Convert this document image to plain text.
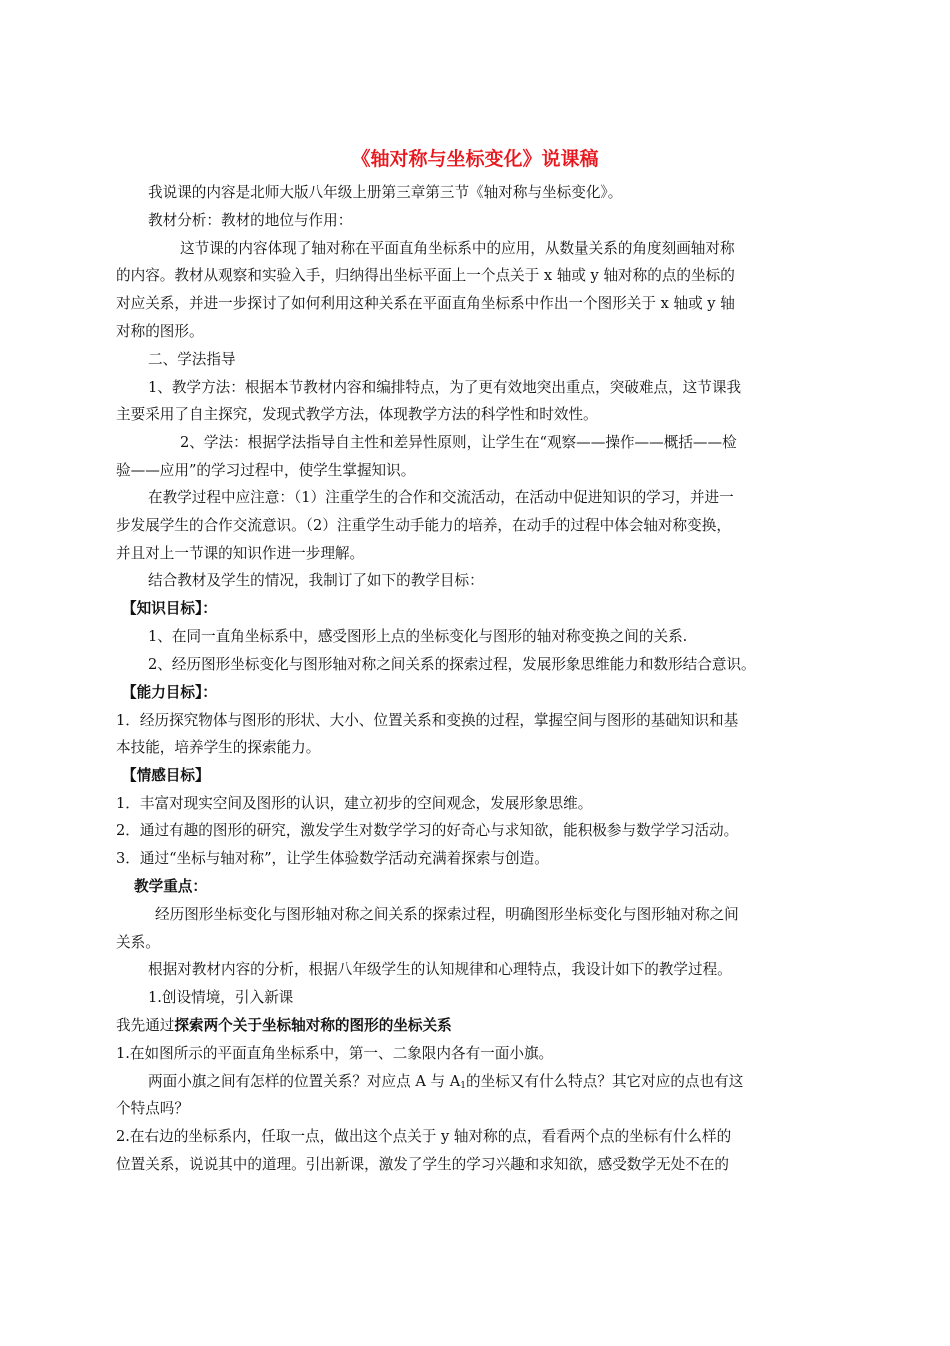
《轴对称与坐标变化》说课稿
我说课的内容是北师大版八年级上册第三章第三节《轴对称与坐标变化》。
教材分析：教材的地位与作用：
这节课的内容体现了轴对称在平面直角坐标系中的应用，从数量关系的角度刻画轴对称
的内容。教材从观察和实验入手，归纳得出坐标平面上一个点关于 x 轴或 y 轴对称的点的坐标的
对应关系，并进一步探讨了如何利用这种关系在平面直角坐标系中作出一个图形关于 x 轴或 y 轴
对称的图形。
二、学法指导
1、教学方法：根据本节教材内容和编排特点，为了更有效地突出重点，突破难点，这节课我
主要采用了自主探究，发现式教学方法，体现教学方法的科学性和时效性。
2、学法：根据学法指导自主性和差异性原则，让学生在“观察——操作——概括——检
验——应用”的学习过程中，使学生掌握知识。
在教学过程中应注意：（1）注重学生的合作和交流活动，在活动中促进知识的学习，并进一
步发展学生的合作交流意识。（2）注重学生动手能力的培养，在动手的过程中体会轴对称变换，
并且对上一节课的知识作进一步理解。
结合教材及学生的情况，我制订了如下的教学目标：
【知识目标】：
1、在同一直角坐标系中，感受图形上点的坐标变化与图形的轴对称变换之间的关系.
2、经历图形坐标变化与图形轴对称之间关系的探索过程，发展形象思维能力和数形结合意识。
【能力目标】：
1．经历探究物体与图形的形状、大小、位置关系和变换的过程，掌握空间与图形的基础知识和基
本技能，培养学生的探索能力。
【情感目标】
1．丰富对现实空间及图形的认识，建立初步的空间观念，发展形象思维。
2．通过有趣的图形的研究，激发学生对数学学习的好奇心与求知欲，能积极参与数学学习活动。
3．通过“坐标与轴对称”，让学生体验数学活动充满着探索与创造。
教学重点：
经历图形坐标变化与图形轴对称之间关系的探索过程，明确图形坐标变化与图形轴对称之间
关系。
根据对教材内容的分析，根据八年级学生的认知规律和心理特点，我设计如下的教学过程。
1.创设情境，引入新课
我先通过探索两个关于坐标轴对称的图形的坐标关系
1.在如图所示的平面直角坐标系中，第一、二象限内各有一面小旗。
两面小旗之间有怎样的位置关系？对应点 A 与 $A_1$的坐标又有什么特点？其它对应的点也有这
个特点吗？
2.在右边的坐标系内，任取一点，做出这个点关于 y 轴对称的点，看看两个点的坐标有什么样的
位置关系，说说其中的道理。引出新课，激发了学生的学习兴趣和求知欲，感受数学无处不在的
